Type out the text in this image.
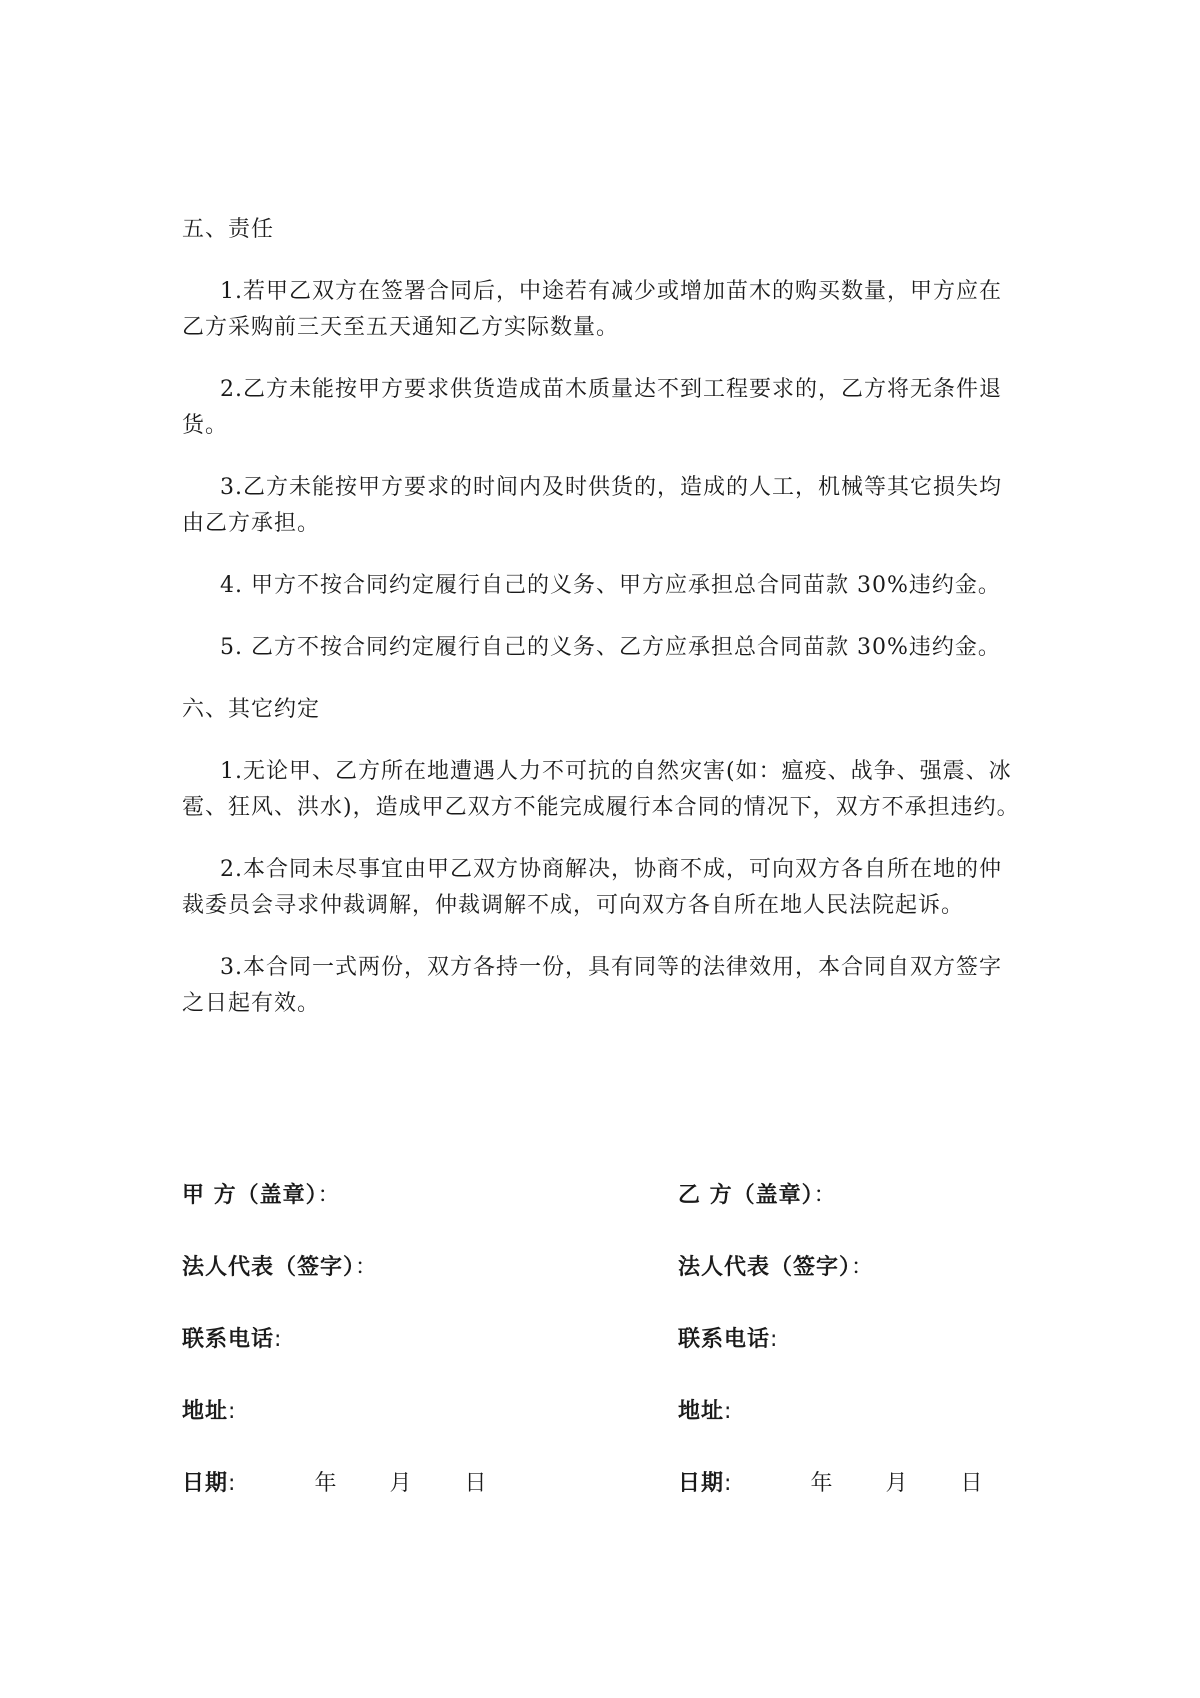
五、责任

1.若甲乙双方在签署合同后，中途若有减少或增加苗木的购买数量，甲方应在乙方采购前三天至五天通知乙方实际数量。

2.乙方未能按甲方要求供货造成苗木质量达不到工程要求的，乙方将无条件退货。

3.乙方未能按甲方要求的时间内及时供货的，造成的人工，机械等其它损失均由乙方承担。

4. 甲方不按合同约定履行自己的义务、甲方应承担总合同苗款 30%违约金。

5. 乙方不按合同约定履行自己的义务、乙方应承担总合同苗款 30%违约金。

六、其它约定

1.无论甲、乙方所在地遭遇人力不可抗的自然灾害(如：瘟疫、战争、强震、冰雹、狂风、洪水)，造成甲乙双方不能完成履行本合同的情况下，双方不承担违约。

2.本合同未尽事宜由甲乙双方协商解决，协商不成，可向双方各自所在地的仲裁委员会寻求仲裁调解，仲裁调解不成，可向双方各自所在地人民法院起诉。

3.本合同一式两份，双方各持一份，具有同等的法律效用，本合同自双方签字之日起有效。

甲 方（盖章）：	乙 方（盖章）：
法人代表（签字）：	法人代表（签字）：
联系电话:	联系电话:
地址:	地址:
日期:	年 月 日	日期:	年 月 日
